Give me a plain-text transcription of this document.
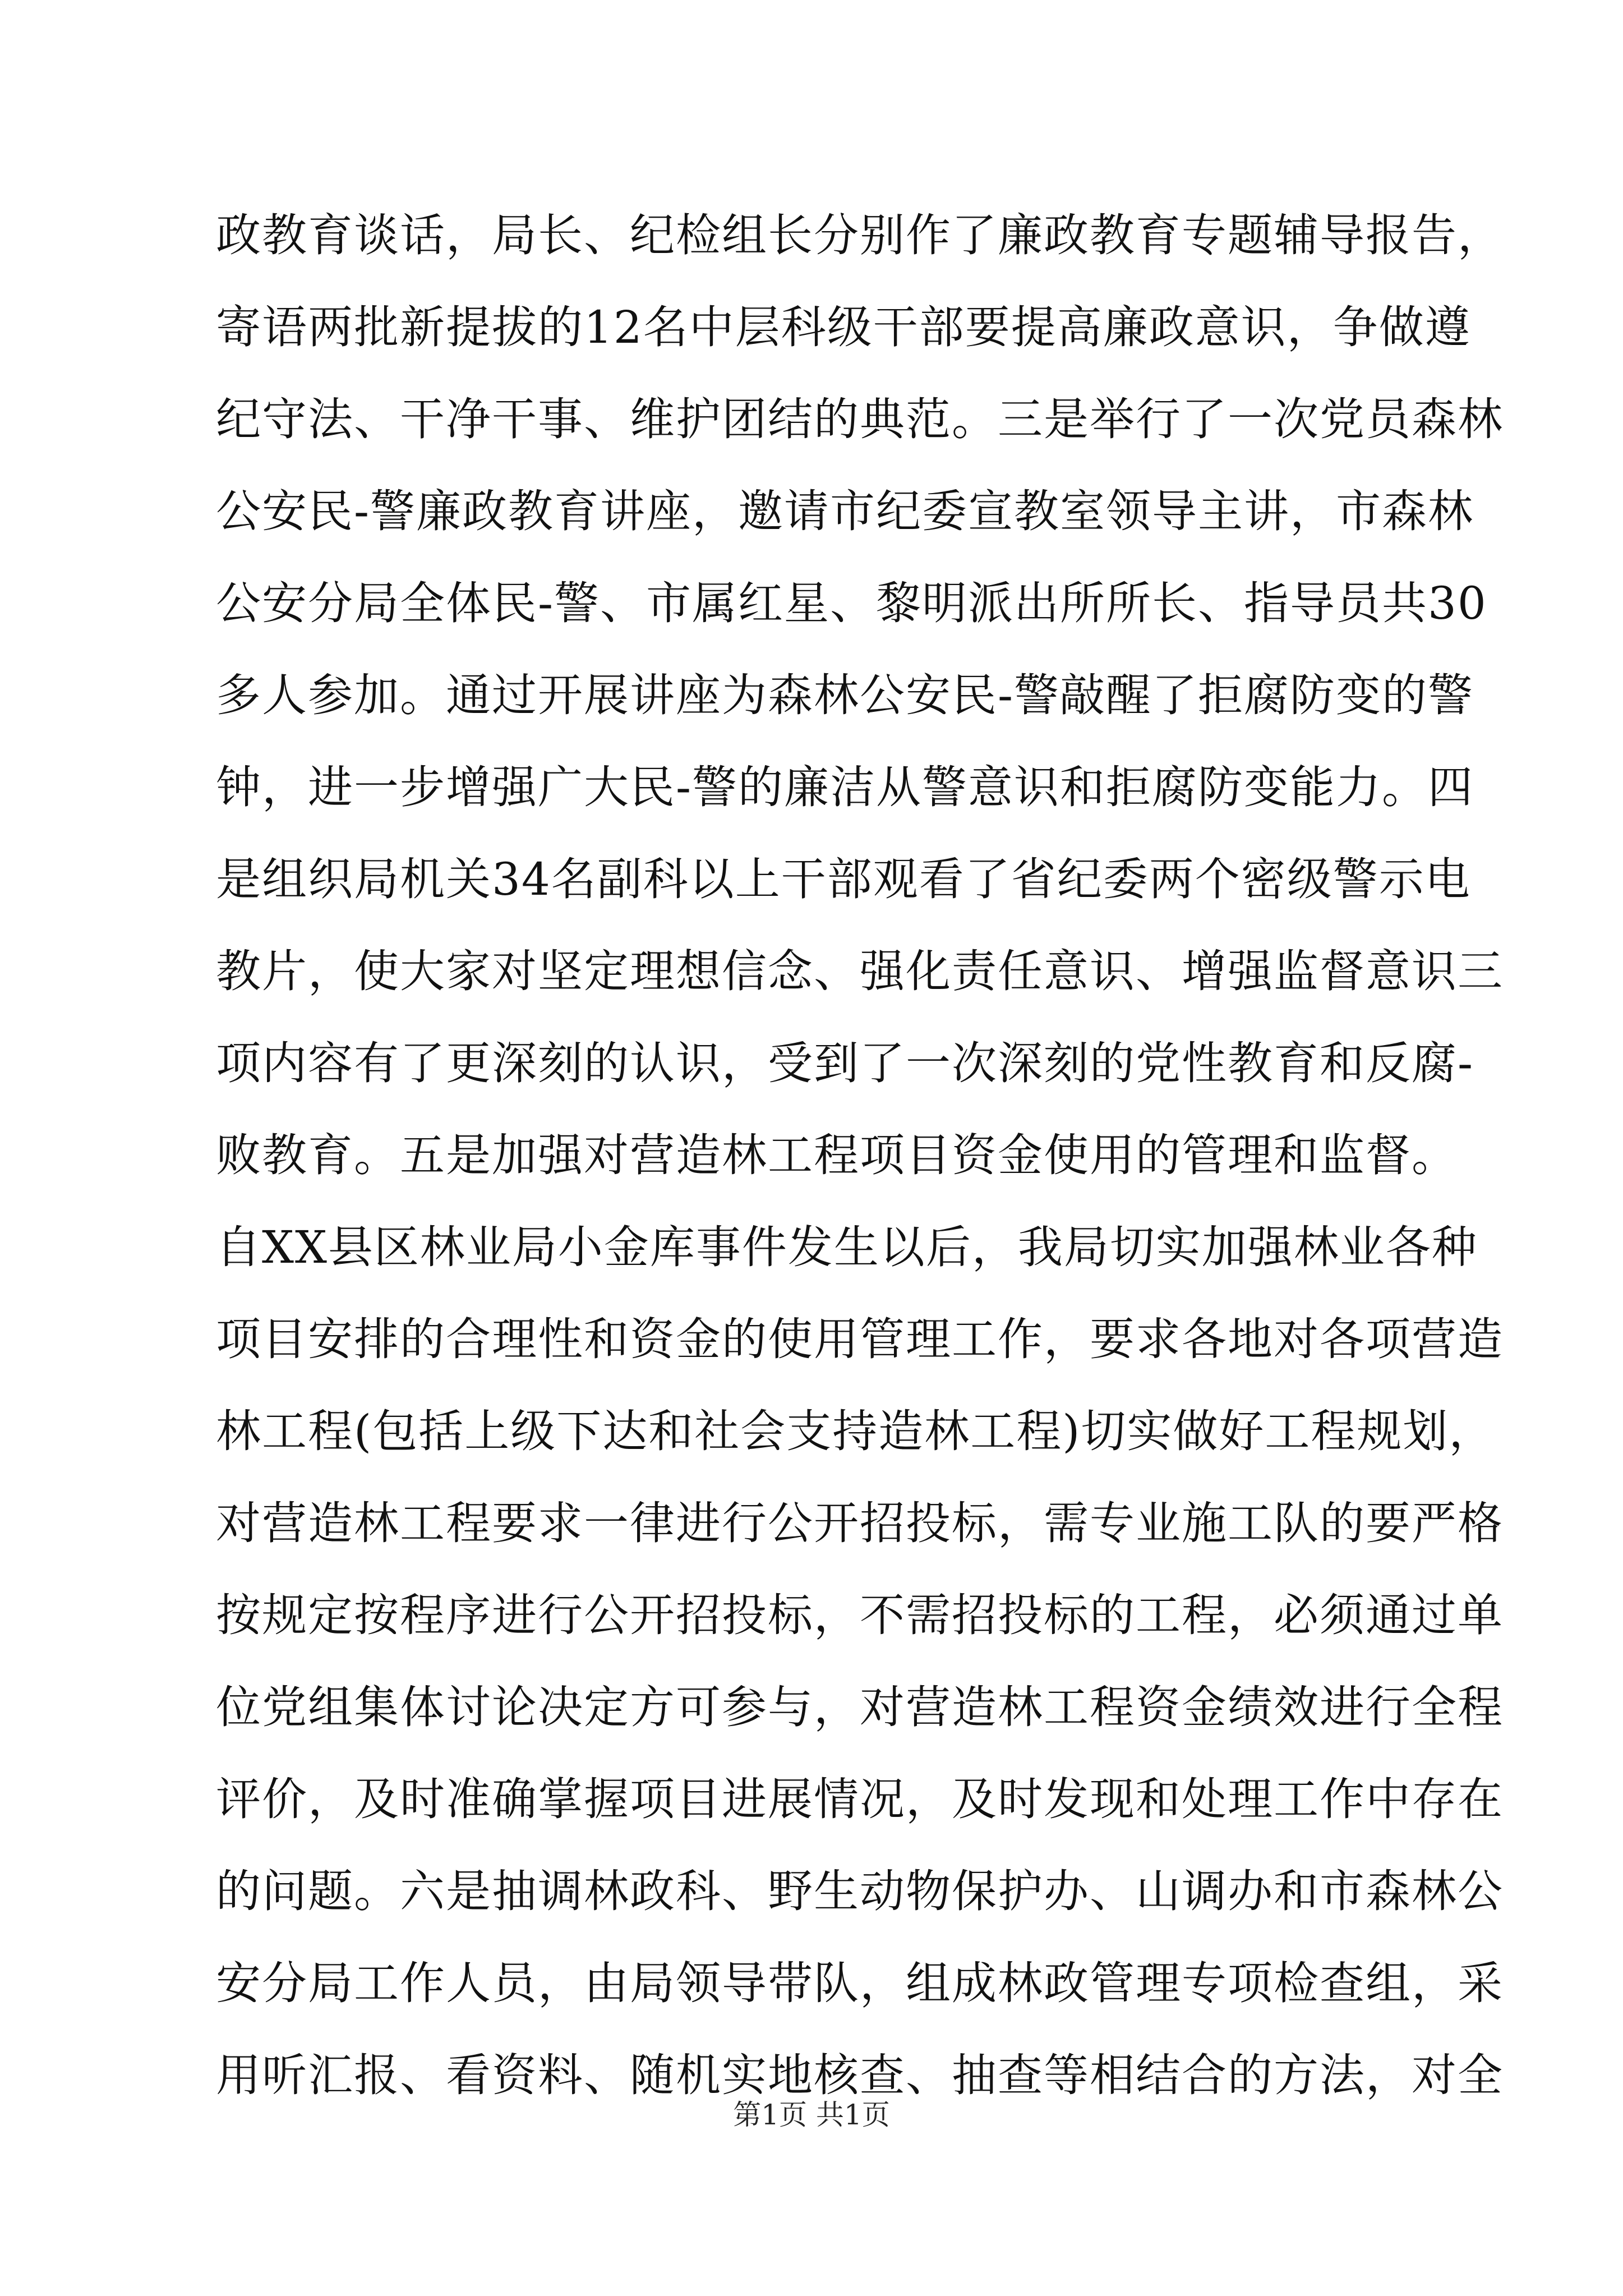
政教育谈话，局长、纪检组长分别作了廉政教育专题辅导报告，
寄语两批新提拔的12名中层科级干部要提高廉政意识，争做遵
纪守法、干净干事、维护团结的典范。三是举行了一次党员森林
公安民-警廉政教育讲座，邀请市纪委宣教室领导主讲，市森林
公安分局全体民-警、市属红星、黎明派出所所长、指导员共30
多人参加。通过开展讲座为森林公安民-警敲醒了拒腐防变的警
钟，进一步增强广大民-警的廉洁从警意识和拒腐防变能力。四
是组织局机关34名副科以上干部观看了省纪委两个密级警示电
教片，使大家对坚定理想信念、强化责任意识、增强监督意识三
项内容有了更深刻的认识，受到了一次深刻的党性教育和反腐-
败教育。五是加强对营造林工程项目资金使用的管理和监督。
自XX县区林业局小金库事件发生以后，我局切实加强林业各种
项目安排的合理性和资金的使用管理工作，要求各地对各项营造
林工程(包括上级下达和社会支持造林工程)切实做好工程规划，
对营造林工程要求一律进行公开招投标，需专业施工队的要严格
按规定按程序进行公开招投标，不需招投标的工程，必须通过单
位党组集体讨论决定方可参与，对营造林工程资金绩效进行全程
评价，及时准确掌握项目进展情况，及时发现和处理工作中存在
的问题。六是抽调林政科、野生动物保护办、山调办和市森林公
安分局工作人员，由局领导带队，组成林政管理专项检查组，采
用听汇报、看资料、随机实地核查、抽查等相结合的方法，对全
第1页 共1页
